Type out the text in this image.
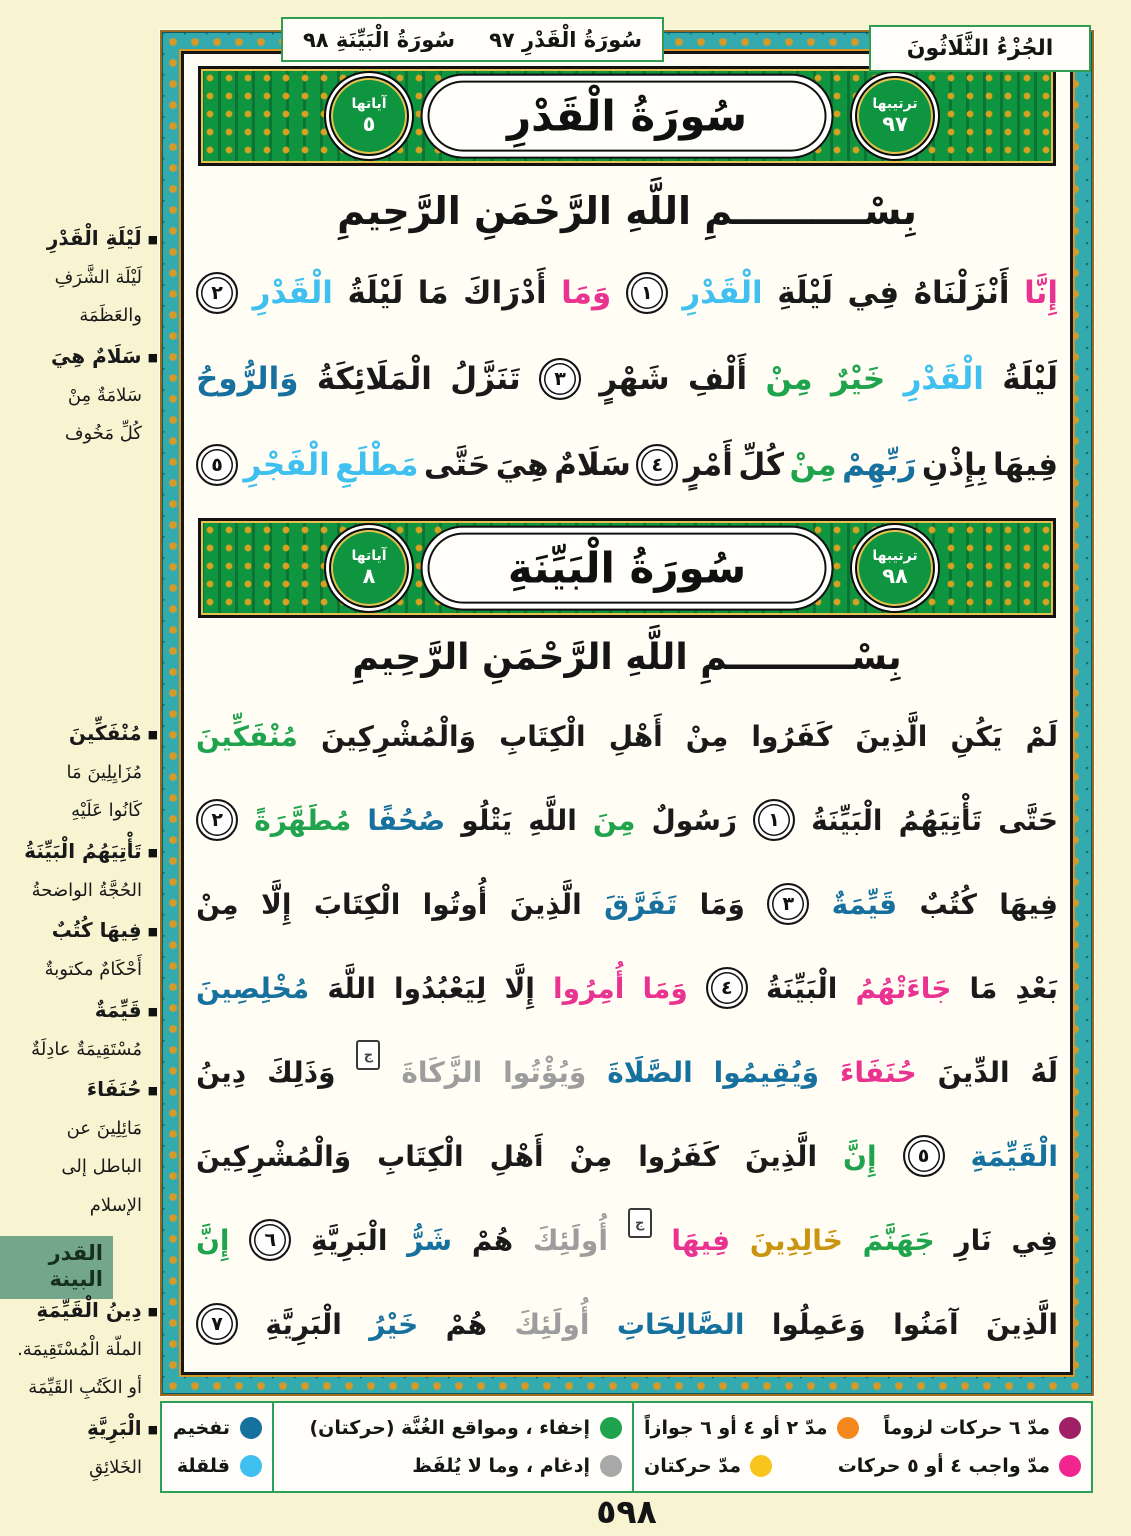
سُورَةُ الْقَدْرِ ٩٧
سُورَةُ الْبَيِّنَةِ ٩٨	الجُزْءُ الثَّلَاثُونَ
ترتيبها
٩٧
سُورَةُ الْقَدْرِ
آياتها
٥
بِسْــــــــــمِ اللَّهِ الرَّحْمَنِ الرَّحِيمِ
إِنَّا
أَنْزَلْنَاهُ
فِي
لَيْلَةِ
الْقَدْرِ
١
وَمَا
أَدْرَاكَ
مَا
لَيْلَةُ
الْقَدْرِ
٢
لَيْلَةُ
الْقَدْرِ
خَيْرٌ
مِنْ
أَلْفِ
شَهْرٍ
٣
تَنَزَّلُ
الْمَلَائِكَةُ
وَالرُّوحُ
فِيهَا
بِإِذْنِ
رَبِّهِمْ
مِنْ
كُلِّ
أَمْرٍ
٤
سَلَامٌ
هِيَ
حَتَّى
مَطْلَعِ
الْفَجْرِ
٥
ترتيبها
٩٨
سُورَةُ الْبَيِّنَةِ
آياتها
٨
بِسْــــــــــمِ اللَّهِ الرَّحْمَنِ الرَّحِيمِ
لَمْ
يَكُنِ
الَّذِينَ
كَفَرُوا
مِنْ
أَهْلِ
الْكِتَابِ
وَالْمُشْرِكِينَ
مُنْفَكِّينَ
حَتَّى
تَأْتِيَهُمُ
الْبَيِّنَةُ
١
رَسُولٌ
مِنَ
اللَّهِ
يَتْلُو
صُحُفًا
مُطَهَّرَةً
٢
فِيهَا
كُتُبٌ
قَيِّمَةٌ
٣
وَمَا
تَفَرَّقَ
الَّذِينَ
أُوتُوا
الْكِتَابَ
إِلَّا
مِنْ
بَعْدِ
مَا
جَاءَتْهُمُ
الْبَيِّنَةُ
٤
وَمَا
أُمِرُوا
إِلَّا
لِيَعْبُدُوا
اللَّهَ
مُخْلِصِينَ
لَهُ
الدِّينَ
حُنَفَاءَ
وَيُقِيمُوا
الصَّلَاةَ
وَيُؤْتُوا
الزَّكَاةَ
ج
وَذَلِكَ
دِينُ
الْقَيِّمَةِ
٥
إِنَّ
الَّذِينَ
كَفَرُوا
مِنْ
أَهْلِ
الْكِتَابِ
وَالْمُشْرِكِينَ
فِي
نَارِ
جَهَنَّمَ
خَالِدِينَ
فِيهَا
ج
أُولَئِكَ
هُمْ
شَرُّ
الْبَرِيَّةِ
٦
إِنَّ
الَّذِينَ
آمَنُوا
وَعَمِلُوا
الصَّالِحَاتِ
أُولَئِكَ
هُمْ
خَيْرُ
الْبَرِيَّةِ
٧
■لَيْلَةِ الْقَدْرِ
لَيْلَة الشَّرَفِ
والعَظَمَة
■سَلَامٌ هِيَ
سَلامَةٌ مِنْ
كُلِّ مَخُوف
■مُنْفَكِّينَ
مُزَايِلِينَ مَا
كَانُوا عَلَيْهِ
■تَأْتِيَهُمُ الْبَيِّنَةُ
الحُجَّةُ الواضحةُ
■فِيهَا كُتُبٌ
أَحْكَامٌ مكتوبةٌ
■قَيِّمَةٌ
مُسْتَقِيمَةٌ عادِلَةٌ
■حُنَفَاءَ
مَائِلِينَ عن
الباطل إلى
الإسلام
القدر
البينة
■دِينُ الْقَيِّمَةِ
الملّة الْمُسْتَقِيمَة.
أو الكَتُبِ القَيِّمَة
■الْبَرِيَّةِ
الخَلائِقِ
تفخيم
قلقلة
إخفاء ، ومواقع الغُنَّة (حركتان)
إدغام ، وما لا يُلفَظ
مدّ ٦ حركات لزوماً
مدّ ٢ أو ٤ أو ٦ جوازاً
مدّ واجب ٤ أو ٥ حركات
مدّ حركتان
٥٩٨
